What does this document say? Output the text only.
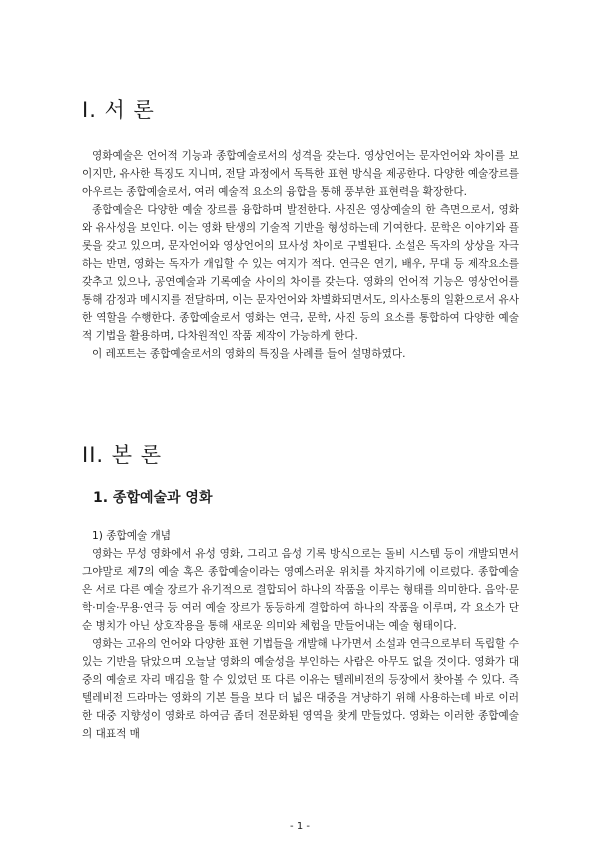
I. 서 론

영화예술은 언어적 기능과 종합예술로서의 성격을 갖는다. 영상언어는 문자언어와 차이를 보이지만, 유사한 특징도 지니며, 전달 과정에서 독특한 표현 방식을 제공한다. 다양한 예술장르를 아우르는 종합예술로서, 여러 예술적 요소의 융합을 통해 풍부한 표현력을 확장한다.

종합예술은 다양한 예술 장르를 융합하며 발전한다. 사진은 영상예술의 한 측면으로서, 영화와 유사성을 보인다. 이는 영화 탄생의 기술적 기반을 형성하는데 기여한다. 문학은 이야기와 플롯을 갖고 있으며, 문자언어와 영상언어의 묘사성 차이로 구별된다. 소설은 독자의 상상을 자극하는 반면, 영화는 독자가 개입할 수 있는 여지가 적다. 연극은 연기, 배우, 무대 등 제작요소를 갖추고 있으나, 공연예술과 기록예술 사이의 차이를 갖는다. 영화의 언어적 기능은 영상언어를 통해 감정과 메시지를 전달하며, 이는 문자언어와 차별화되면서도, 의사소통의 일환으로서 유사한 역할을 수행한다. 종합예술로서 영화는 연극, 문학, 사진 등의 요소를 통합하여 다양한 예술적 기법을 활용하며, 다차원적인 작품 제작이 가능하게 한다.

이 레포트는 종합예술로서의 영화의 특징을 사례를 들어 설명하였다.

II. 본 론
1. 종합예술과 영화

1) 종합예술 개념

영화는 무성 영화에서 유성 영화, 그리고 음성 기록 방식으로는 돌비 시스템 등이 개발되면서 그야말로 제7의 예술 혹은 종합예술이라는 영예스러운 위치를 차지하기에 이르렀다. 종합예술은 서로 다른 예술 장르가 유기적으로 결합되어 하나의 작품을 이루는 형태를 의미한다. 음악·문학·미술·무용·연극 등 여러 예술 장르가 동등하게 결합하여 하나의 작품을 이루며, 각 요소가 단순 병치가 아닌 상호작용을 통해 새로운 의미와 체험을 만들어내는 예술 형태이다.

영화는 고유의 언어와 다양한 표현 기법들을 개발해 나가면서 소설과 연극으로부터 독립할 수 있는 기반을 닦았으며 오늘날 영화의 예술성을 부인하는 사람은 아무도 없을 것이다. 영화가 대중의 예술로 자리 매김을 할 수 있었던 또 다른 이유는 텔레비전의 등장에서 찾아볼 수 있다. 즉 텔레비전 드라마는 영화의 기본 틀을 보다 더 넓은 대중을 겨냥하기 위해 사용하는데 바로 이러한 대중 지향성이 영화로 하여금 좀더 전문화된 영역을 찾게 만들었다. 영화는 이러한 종합예술의 대표적 매

- 1 -
